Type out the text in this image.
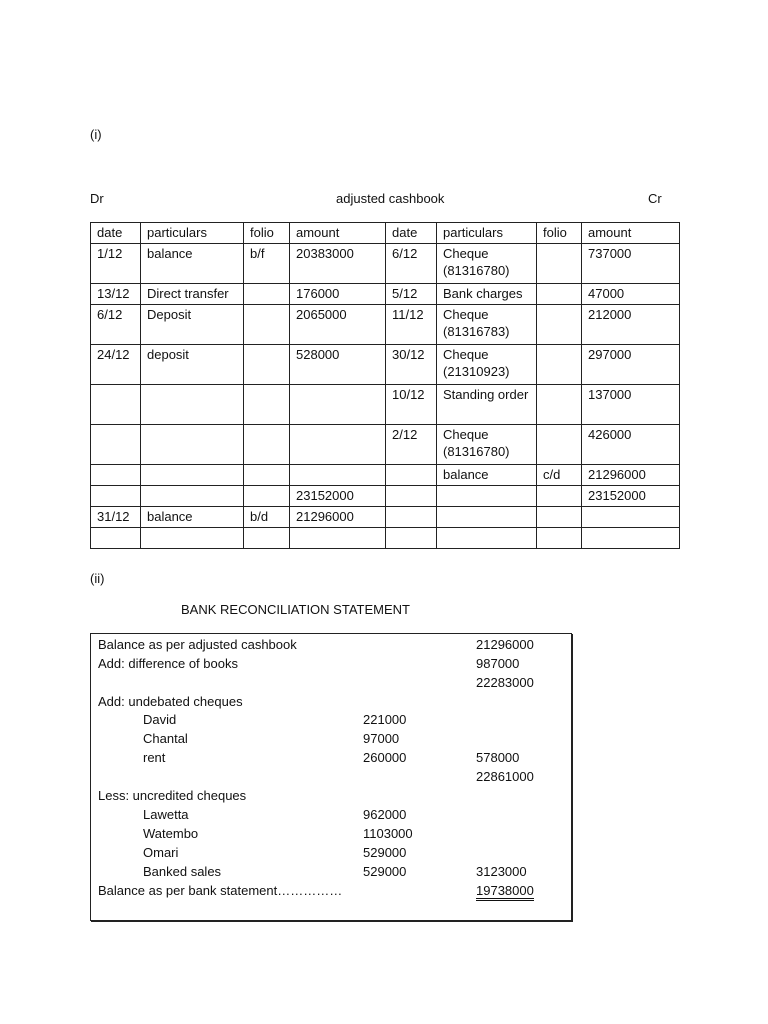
(i)
Dr	adjusted cashbook	Cr
date	particulars	folio	amount	date	particulars	folio	amount
1/12	balance	b/f	20383000	6/12	Cheque (81316780)		737000
13/12	Direct transfer		176000	5/12	Bank charges		47000
6/12	Deposit		2065000	11/12	Cheque (81316783)		212000
24/12	deposit		528000	30/12	Cheque (21310923)		297000
				10/12	Standing order		137000
				2/12	Cheque (81316780)		426000
					balance	c/d	21296000
			23152000				23152000
31/12	balance	b/d	21296000				

(ii)
BANK RECONCILIATION STATEMENT
Balance as per adjusted cashbook	21296000
Add: difference of books	987000
22283000
Add: undebated cheques
David	221000
Chantal	97000
rent	260000	578000
22861000
Less: uncredited cheques
Lawetta	962000
Watembo	1103000
Omari	529000
Banked sales	529000	3123000
Balance as per bank statement……………	19738000
